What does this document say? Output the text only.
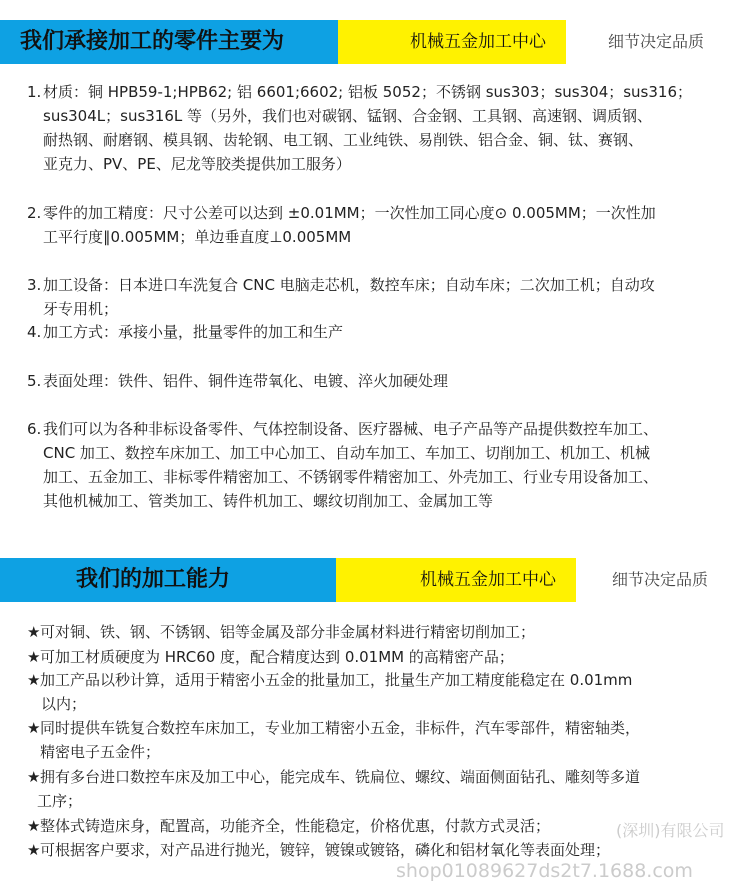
我们承接加工的零件主要为	机械五金加工中心	细节决定品质
1. 材质：铜 HPB59-1;HPB62; 铝 6601;6602; 铝板 5052；不锈钢 sus303；sus304；sus316；
sus304L；sus316L 等（另外，我们也对碳钢、锰钢、合金钢、工具钢、高速钢、调质钢、
耐热钢、耐磨钢、模具钢、齿轮钢、电工钢、工业纯铁、易削铁、铝合金、铜、钛、赛钢、
亚克力、PV、PE、尼龙等胶类提供加工服务）
2. 零件的加工精度：尺寸公差可以达到 ±0.01MM；一次性加工同心度⊙ 0.005MM；一次性加
工平行度∥0.005MM；单边垂直度⊥0.005MM
3. 加工设备：日本进口车洗复合 CNC 电脑走芯机，数控车床；自动车床；二次加工机；自动攻
牙专用机；
4. 加工方式：承接小量，批量零件的加工和生产
5. 表面处理：铁件、铝件、铜件连带氧化、电镀、淬火加硬处理
6. 我们可以为各种非标设备零件、气体控制设备、医疗器械、电子产品等产品提供数控车加工、
CNC 加工、数控车床加工、加工中心加工、自动车加工、车加工、切削加工、机加工、机械
加工、五金加工、非标零件精密加工、不锈钢零件精密加工、外壳加工、行业专用设备加工、
其他机械加工、管类加工、铸件机加工、螺纹切削加工、金属加工等
我们的加工能力	机械五金加工中心	细节决定品质
★ 可对铜、铁、钢、不锈钢、铝等金属及部分非金属材料进行精密切削加工；
★ 可加工材质硬度为 HRC60 度，配合精度达到 0.01MM 的高精密产品；
★ 加工产品以秒计算，适用于精密小五金的批量加工，批量生产加工精度能稳定在 0.01mm
以内；
★ 同时提供车铣复合数控车床加工，专业加工精密小五金，非标件，汽车零部件，精密轴类，
精密电子五金件；
★ 拥有多台进口数控车床及加工中心，能完成车、铣扁位、螺纹、端面侧面钻孔、雕刻等多道
工序；
★ 整体式铸造床身，配置高，功能齐全，性能稳定，价格优惠，付款方式灵活；
★ 可根据客户要求，对产品进行抛光，镀锌，镀镍或镀铬，磷化和铝材氧化等表面处理；
(深圳)有限公司
shop01089627ds2t7.1688.com
